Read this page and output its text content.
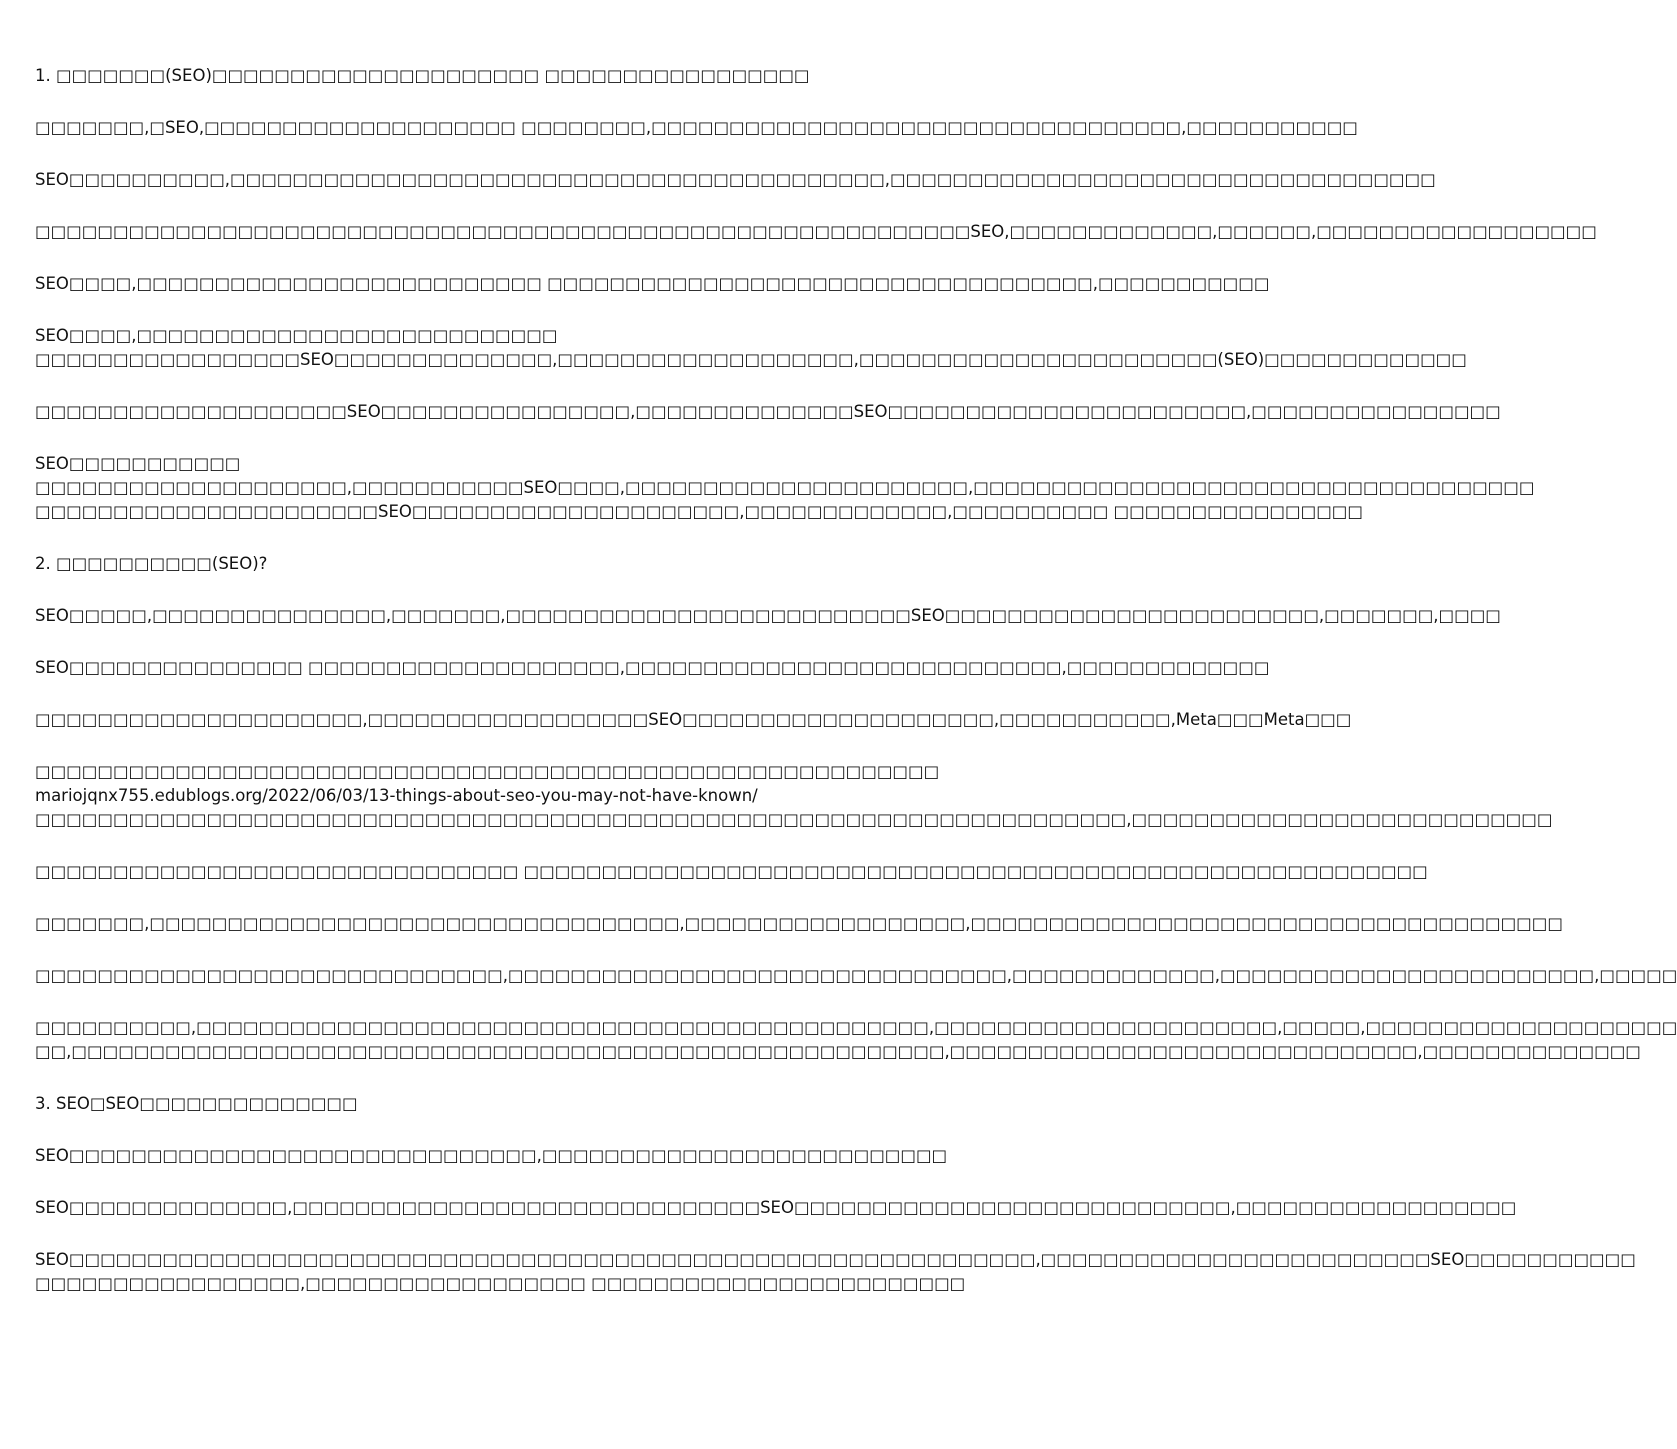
1. □□□□□□□(SEO)□□□□□□□□□□□□□□□□□□□□□ □□□□□□□□□□□□□□□□□
□□□□□□□,□SEO,□□□□□□□□□□□□□□□□□□□□ □□□□□□□□,□□□□□□□□□□□□□□□□□□□□□□□□□□□□□□□□□□,□□□□□□□□□□□
SEO□□□□□□□□□□,□□□□□□□□□□□□□□□□□□□□□□□□□□□□□□□□□□□□□□□□□□,□□□□□□□□□□□□□□□□□□□□□□□□□□□□□□□□□□□
□□□□□□□□□□□□□□□□□□□□□□□□□□□□□□□□□□□□□□□□□□□□□□□□□□□□□□□□□□□□SEO,□□□□□□□□□□□□□,□□□□□□,□□□□□□□□□□□□□□□□□□
SEO□□□□,□□□□□□□□□□□□□□□□□□□□□□□□□□ □□□□□□□□□□□□□□□□□□□□□□□□□□□□□□□□□□□,□□□□□□□□□□□
SEO□□□□,□□□□□□□□□□□□□□□□□□□□□□□□□□□
□□□□□□□□□□□□□□□□□SEO□□□□□□□□□□□□□□,□□□□□□□□□□□□□□□□□□□,□□□□□□□□□□□□□□□□□□□□□□□(SEO)□□□□□□□□□□□□□
□□□□□□□□□□□□□□□□□□□□SEO□□□□□□□□□□□□□□□□,□□□□□□□□□□□□□□SEO□□□□□□□□□□□□□□□□□□□□□□□,□□□□□□□□□□□□□□□□
SEO□□□□□□□□□□□
□□□□□□□□□□□□□□□□□□□□,□□□□□□□□□□□SEO□□□□,□□□□□□□□□□□□□□□□□□□□□□,□□□□□□□□□□□□□□□□□□□□□□□□□□□□□□□□□□□□
□□□□□□□□□□□□□□□□□□□□□□SEO□□□□□□□□□□□□□□□□□□□□□,□□□□□□□□□□□□□,□□□□□□□□□□ □□□□□□□□□□□□□□□□
2. □□□□□□□□□□(SEO)?
SEO□□□□□,□□□□□□□□□□□□□□□,□□□□□□□,□□□□□□□□□□□□□□□□□□□□□□□□□□SEO□□□□□□□□□□□□□□□□□□□□□□□□,□□□□□□□,□□□□
SEO□□□□□□□□□□□□□□□ □□□□□□□□□□□□□□□□□□□□,□□□□□□□□□□□□□□□□□□□□□□□□□□□□,□□□□□□□□□□□□□
□□□□□□□□□□□□□□□□□□□□□,□□□□□□□□□□□□□□□□□□SEO□□□□□□□□□□□□□□□□□□□□,□□□□□□□□□□□,Meta□□□Meta□□□
□□□□□□□□□□□□□□□□□□□□□□□□□□□□□□□□□□□□□□□□□□□□□□□□□□□□□□□□□□
mariojqnx755.edublogs.org/2022/06/03/13-things-about-seo-you-may-not-have-known/
□□□□□□□□□□□□□□□□□□□□□□□□□□□□□□□□□□□□□□□□□□□□□□□□□□□□□□□□□□□□□□□□□□□□□□,□□□□□□□□□□□□□□□□□□□□□□□□□□□
□□□□□□□□□□□□□□□□□□□□□□□□□□□□□□□ □□□□□□□□□□□□□□□□□□□□□□□□□□□□□□□□□□□□□□□□□□□□□□□□□□□□□□□□□□
□□□□□□□,□□□□□□□□□□□□□□□□□□□□□□□□□□□□□□□□□□,□□□□□□□□□□□□□□□□□□,□□□□□□□□□□□□□□□□□□□□□□□□□□□□□□□□□□□□□□
□□□□□□□□□□□□□□□□□□□□□□□□□□□□□□,□□□□□□□□□□□□□□□□□□□□□□□□□□□□□□□□,□□□□□□□□□□□□□,□□□□□□□□□□□□□□□□□□□□□□□□,□□□□□
□□□□□□□□□□,□□□□□□□□□□□□□□□□□□□□□□□□□□□□□□□□□□□□□□□□□□□□□□□,□□□□□□□□□□□□□□□□□□□□□□,□□□□□,□□□□□□□□□□□□□□□□□□□□
□□,□□□□□□□□□□□□□□□□□□□□□□□□□□□□□□□□□□□□□□□□□□□□□□□□□□□□□□□□,□□□□□□□□□□□□□□□□□□□□□□□□□□□□□□,□□□□□□□□□□□□□□
3. SEO□SEO□□□□□□□□□□□□□□
SEO□□□□□□□□□□□□□□□□□□□□□□□□□□□□□□,□□□□□□□□□□□□□□□□□□□□□□□□□□
SEO□□□□□□□□□□□□□□,□□□□□□□□□□□□□□□□□□□□□□□□□□□□□□SEO□□□□□□□□□□□□□□□□□□□□□□□□□□□□,□□□□□□□□□□□□□□□□□□
SEO□□□□□□□□□□□□□□□□□□□□□□□□□□□□□□□□□□□□□□□□□□□□□□□□□□□□□□□□□□□□□□,□□□□□□□□□□□□□□□□□□□□□□□□□SEO□□□□□□□□□□□
□□□□□□□□□□□□□□□□□,□□□□□□□□□□□□□□□□□□ □□□□□□□□□□□□□□□□□□□□□□□□
